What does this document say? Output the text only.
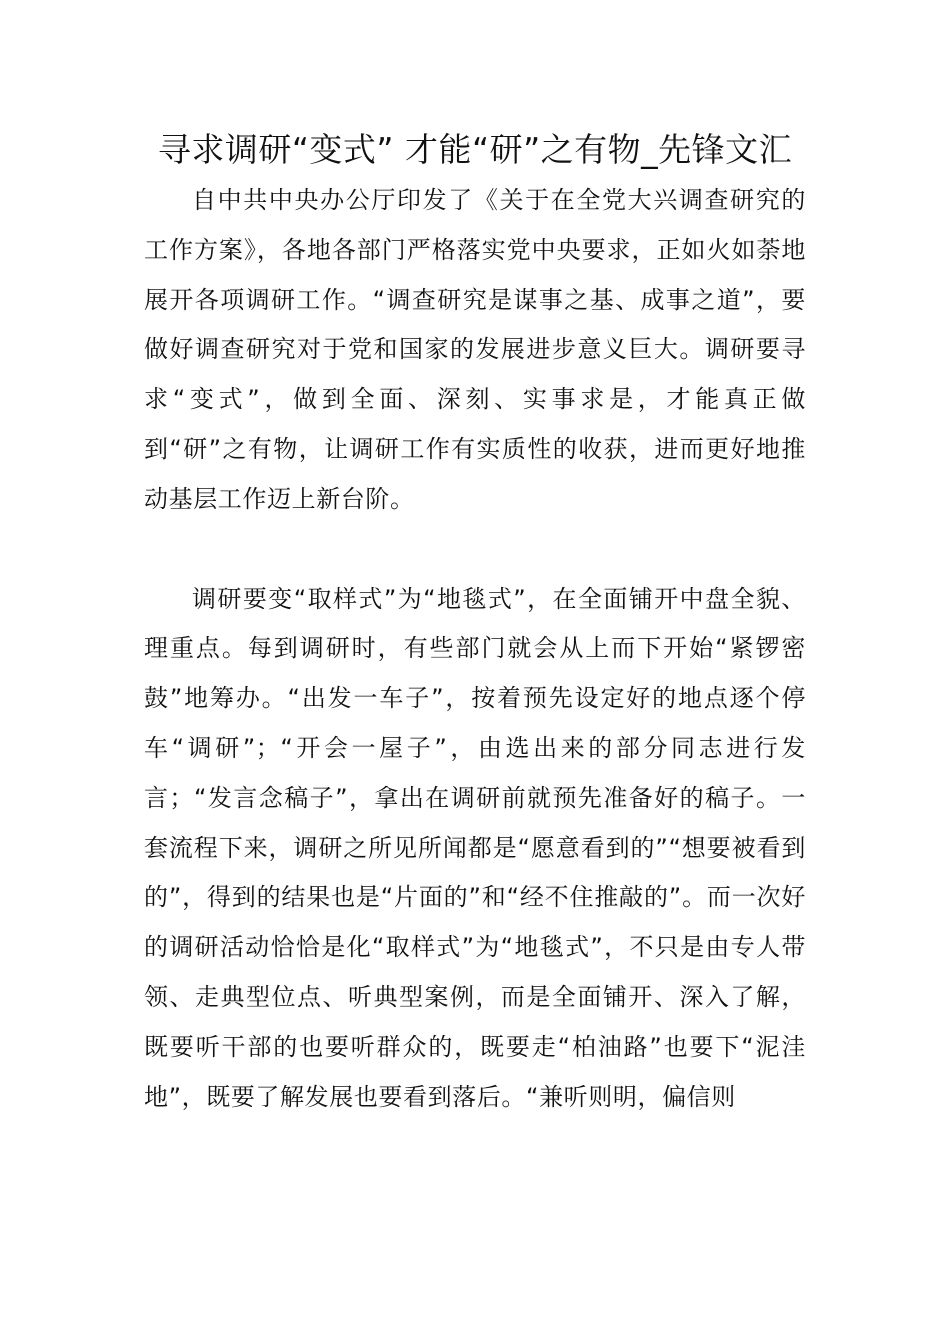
寻求调研“变式” 才能“研”之有物_先锋文汇

自中共中央办公厅印发了《关于在全党大兴调查研究的工作方案》，各地各部门严格落实党中央要求，正如火如荼地展开各项调研工作。“调查研究是谋事之基、成事之道”，要做好调查研究对于党和国家的发展进步意义巨大。调研要寻求“变式”，做到全面、深刻、实事求是，才能真正做到“研”之有物，让调研工作有实质性的收获，进而更好地推动基层工作迈上新台阶。

调研要变“取样式”为“地毯式”，在全面铺开中盘全貌、理重点。每到调研时，有些部门就会从上而下开始“紧锣密鼓”地筹办。“出发一车子”，按着预先设定好的地点逐个停车“调研”；“开会一屋子”，由选出来的部分同志进行发言；“发言念稿子”，拿出在调研前就预先准备好的稿子。一套流程下来，调研之所见所闻都是“愿意看到的”“想要被看到的”，得到的结果也是“片面的”和“经不住推敲的”。而一次好的调研活动恰恰是化“取样式”为“地毯式”，不只是由专人带领、走典型位点、听典型案例，而是全面铺开、深入了解，既要听干部的也要听群众的，既要走“柏油路”也要下“泥洼地”，既要了解发展也要看到落后。“兼听则明，偏信则
